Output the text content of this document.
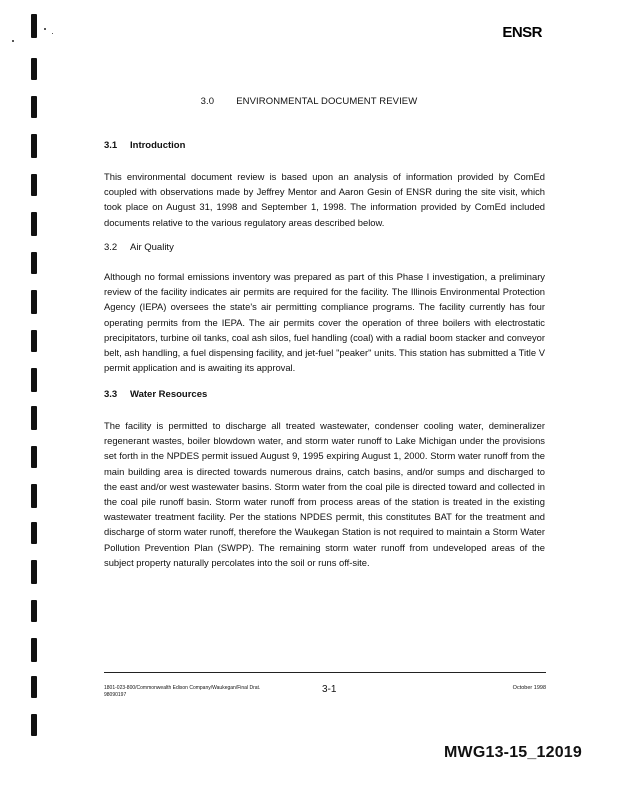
ENSR
3.0 ENVIRONMENTAL DOCUMENT REVIEW
3.1 Introduction
This environmental document review is based upon an analysis of information provided by ComEd coupled with observations made by Jeffrey Mentor and Aaron Gesin of ENSR during the site visit, which took place on August 31, 1998 and September 1, 1998. The information provided by ComEd included documents relative to the various regulatory areas described below.
3.2 Air Quality
Although no formal emissions inventory was prepared as part of this Phase I investigation, a preliminary review of the facility indicates air permits are required for the facility. The Illinois Environmental Protection Agency (IEPA) oversees the state's air permitting compliance programs. The facility currently has four operating permits from the IEPA. The air permits cover the operation of three boilers with electrostatic precipitators, turbine oil tanks, coal ash silos, fuel handling (coal) with a radial boom stacker and conveyor belt, ash handling, a fuel dispensing facility, and jet-fuel "peaker" units. This station has submitted a Title V permit application and is awaiting its approval.
3.3 Water Resources
The facility is permitted to discharge all treated wastewater, condenser cooling water, demineralizer regenerant wastes, boiler blowdown water, and storm water runoff to Lake Michigan under the provisions set forth in the NPDES permit issued August 9, 1995 expiring August 1, 2000. Storm water runoff from the main building area is directed towards numerous drains, catch basins, and/or sumps and discharged to the east and/or west wastewater basins. Storm water from the coal pile is directed toward and collected in the coal pile runoff basin. Storm water runoff from process areas of the station is treated in the existing wastewater treatment facility. Per the stations NPDES permit, this constitutes BAT for the treatment and discharge of storm water runoff, therefore the Waukegan Station is not required to maintain a Storm Water Pollution Prevention Plan (SWPP). The remaining storm water runoff from undeveloped areas of the subject property naturally percolates into the soil or runs off-site.
1801-023-800/Commonwealth Edison Company/Waukegan/Final Drat.
98090197	3-1	October 1998
MWG13-15_12019
